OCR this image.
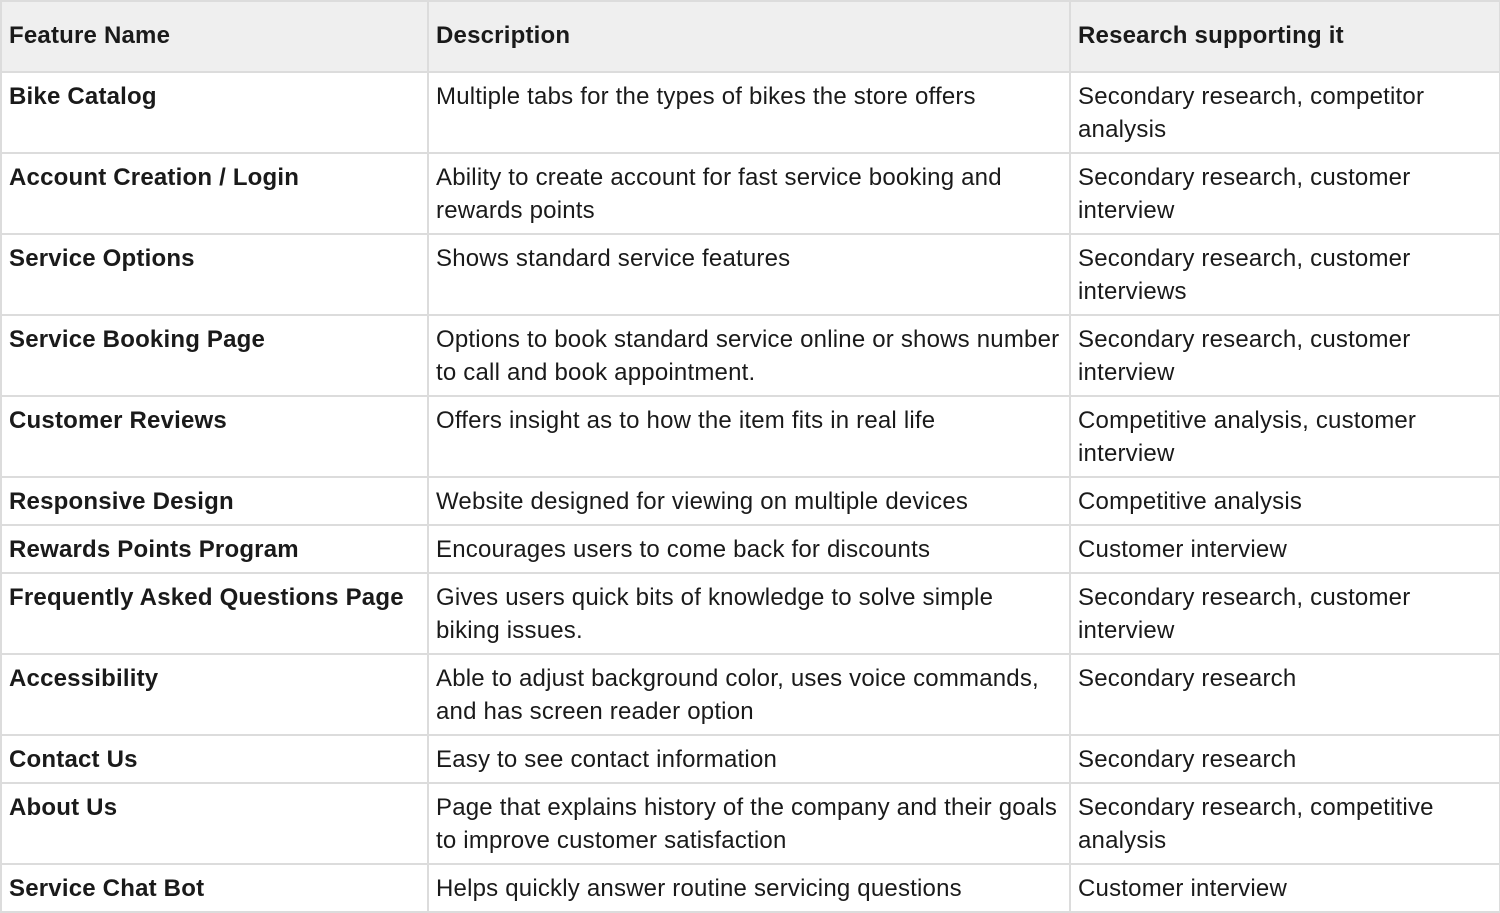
Feature Name	Description	Research supporting it
Bike Catalog	Multiple tabs for the types of bikes the store offers	Secondary research, competitor analysis
Account Creation / Login	Ability to create account for fast service booking and rewards points	Secondary research, customer interview
Service Options	Shows standard service features	Secondary research, customer interviews
Service Booking Page	Options to book standard service online or shows number to call and book appointment.	Secondary research, customer interview
Customer Reviews	Offers insight as to how the item fits in real life	Competitive analysis, customer interview
Responsive Design	Website designed for viewing on multiple devices	Competitive analysis
Rewards Points Program	Encourages users to come back for discounts	Customer interview
Frequently Asked Questions Page	Gives users quick bits of knowledge to solve simple biking issues.	Secondary research, customer interview
Accessibility	Able to adjust background color, uses voice commands, and has screen reader option	Secondary research
Contact Us	Easy to see contact information	Secondary research
About Us	Page that explains history of the company and their goals to improve customer satisfaction	Secondary research, competitive analysis
Service Chat Bot	Helps quickly answer routine servicing questions	Customer interview
